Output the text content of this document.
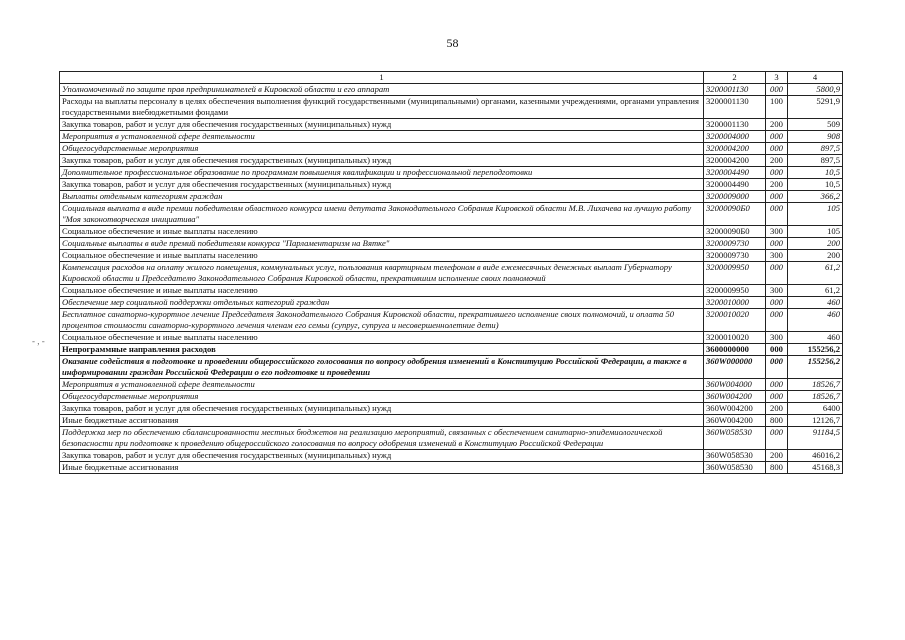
58
- , -
1	2	3	4
Уполномоченный по защите прав предпринимателей в Кировской области и его аппарат	3200001130	000	5800,9
Расходы на выплаты персоналу в целях обеспечения выполнения функций государственными (муниципальными) органами, казенными учреждениями, органами управления государственными внебюджетными фондами	3200001130	100	5291,9
Закупка товаров, работ и услуг для обеспечения государственных (муниципальных) нужд	3200001130	200	509
Мероприятия в установленной сфере деятельности	3200004000	000	908
Общегосударственные мероприятия	3200004200	000	897,5
Закупка товаров, работ и услуг для обеспечения государственных (муниципальных) нужд	3200004200	200	897,5
Дополнительное профессиональное образование по программам повышения квалификации и профессиональной переподготовки	3200004490	000	10,5
Закупка товаров, работ и услуг для обеспечения государственных (муниципальных) нужд	3200004490	200	10,5
Выплаты отдельным категориям граждан	3200009000	000	366,2
Социальная выплата в виде премии победителям областного конкурса имени депутата Законодательного Собрания Кировской области М.В. Лихачева на лучшую работу "Моя законотворческая инициатива"	32000090Б0	000	105
Социальное обеспечение и иные выплаты населению	32000090Б0	300	105
Социальные выплаты в виде премий победителям конкурса "Парламентаризм на Вятке"	3200009730	000	200
Социальное обеспечение и иные выплаты населению	3200009730	300	200
Компенсация расходов на оплату жилого помещения, коммунальных услуг, пользования квартирным телефоном в виде ежемесячных денежных выплат Губернатору Кировской области и Председателю Законодательного Собрания Кировской области, прекратившим исполнение своих полномочий	3200009950	000	61,2
Социальное обеспечение и иные выплаты населению	3200009950	300	61,2
Обеспечение мер социальной поддержки отдельных категорий граждан	3200010000	000	460
Бесплатное санаторно-курортное лечение Председателя Законодательного Собрания Кировской области, прекратившего исполнение своих полномочий, и оплата 50 процентов стоимости санаторно-курортного лечения членам его семьи (супруг, супруга и несовершеннолетние дети)	3200010020	000	460
Социальное обеспечение и иные выплаты населению	3200010020	300	460
Непрограммные направления расходов	3600000000	000	155256,2
Оказание содействия в подготовке и проведении общероссийского голосования по вопросу одобрения изменений в Конституцию Российской Федерации, а также в информировании граждан Российской Федерации о его подготовке и проведении	360W000000	000	155256,2
Мероприятия в установленной сфере деятельности	360W004000	000	18526,7
Общегосударственные мероприятия	360W004200	000	18526,7
Закупка товаров, работ и услуг для обеспечения государственных (муниципальных) нужд	360W004200	200	6400
Иные бюджетные ассигнования	360W004200	800	12126,7
Поддержка мер по обеспечению сбалансированности местных бюджетов на реализацию мероприятий, связанных с обеспечением санитарно-эпидемиологической безопасности при подготовке к проведению общероссийского голосования по вопросу одобрения изменений в Конституцию Российской Федерации	360W058530	000	91184,5
Закупка товаров, работ и услуг для обеспечения государственных (муниципальных) нужд	360W058530	200	46016,2
Иные бюджетные ассигнования	360W058530	800	45168,3
